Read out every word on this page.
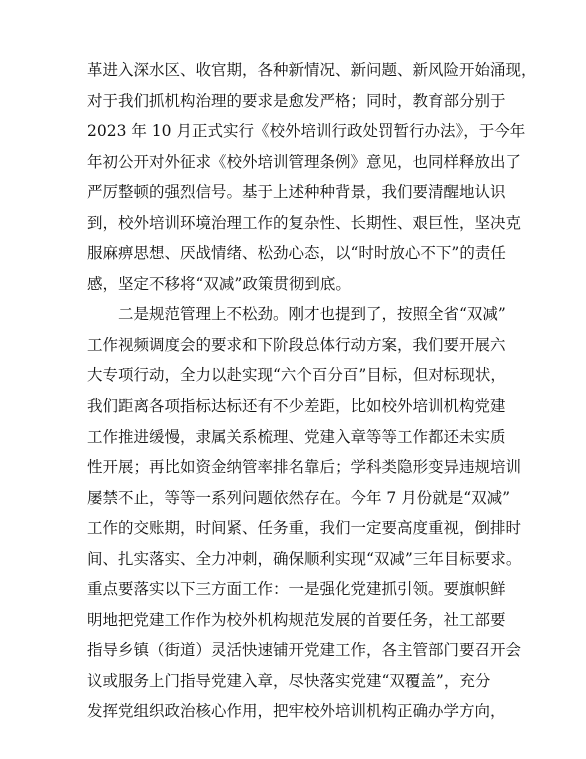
革进入深水区、收官期，各种新情况、新问题、新风险开始涌现，
对于我们抓机构治理的要求是愈发严格；同时，教育部分别于
2023 年 10 月正式实行《校外培训行政处罚暂行办法》，于今年
年初公开对外征求《校外培训管理条例》意见，也同样释放出了
严厉整顿的强烈信号。基于上述种种背景，我们要清醒地认识
到，校外培训环境治理工作的复杂性、长期性、艰巨性，坚决克
服麻痹思想、厌战情绪、松劲心态，以“时时放心不下”的责任
感，坚定不移将“双减”政策贯彻到底。
二是规范管理上不松劲。刚才也提到了，按照全省“双减”
工作视频调度会的要求和下阶段总体行动方案，我们要开展六
大专项行动，全力以赴实现“六个百分百”目标，但对标现状，
我们距离各项指标达标还有不少差距，比如校外培训机构党建
工作推进缓慢，隶属关系梳理、党建入章等等工作都还未实质
性开展；再比如资金纳管率排名靠后；学科类隐形变异违规培训
屡禁不止，等等一系列问题依然存在。今年 7 月份就是“双减”
工作的交账期，时间紧、任务重，我们一定要高度重视，倒排时
间、扎实落实、全力冲刺，确保顺利实现“双减”三年目标要求。
重点要落实以下三方面工作：一是强化党建抓引领。要旗帜鲜
明地把党建工作作为校外机构规范发展的首要任务，社工部要
指导乡镇（街道）灵活快速铺开党建工作，各主管部门要召开会
议或服务上门指导党建入章，尽快落实党建“双覆盖”，充分
发挥党组织政治核心作用，把牢校外培训机构正确办学方向，
